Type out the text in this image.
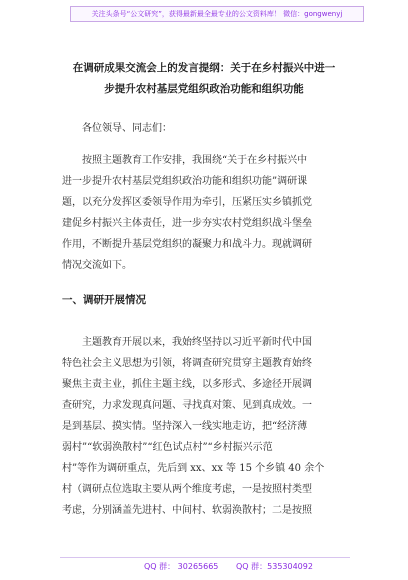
关注头条号“公文研究”，获得最新最全最专业的公文资料库！ 微信：gongwenyj
在调研成果交流会上的发言提纲：关于在乡村振兴中进一
步提升农村基层党组织政治功能和组织功能
各位领导、同志们：
按照主题教育工作安排，我围绕“关于在乡村振兴中
进一步提升农村基层党组织政治功能和组织功能”调研课
题，以充分发挥区委领导作用为牵引，压紧压实乡镇抓党
建促乡村振兴主体责任，进一步夯实农村党组织战斗堡垒
作用，不断提升基层党组织的凝聚力和战斗力。现就调研
情况交流如下。
一、调研开展情况
主题教育开展以来，我始终坚持以习近平新时代中国
特色社会主义思想为引领，将调查研究贯穿主题教育始终
聚焦主责主业，抓住主题主线，以多形式、多途径开展调
查研究，力求发现真问题、寻找真对策、见到真成效。一
是到基层、摸实情。坚持深入一线实地走访，把“经济薄
弱村”“软弱涣散村”“红色试点村”“乡村振兴示范
村”等作为调研重点，先后到 xx、xx 等 15 个乡镇 40 余个
村（调研点位选取主要从两个维度考虑，一是按照村类型
考虑，分别涵盖先进村、中间村、软弱涣散村；二是按照
QQ 群： 30265665 QQ 群：535304092
